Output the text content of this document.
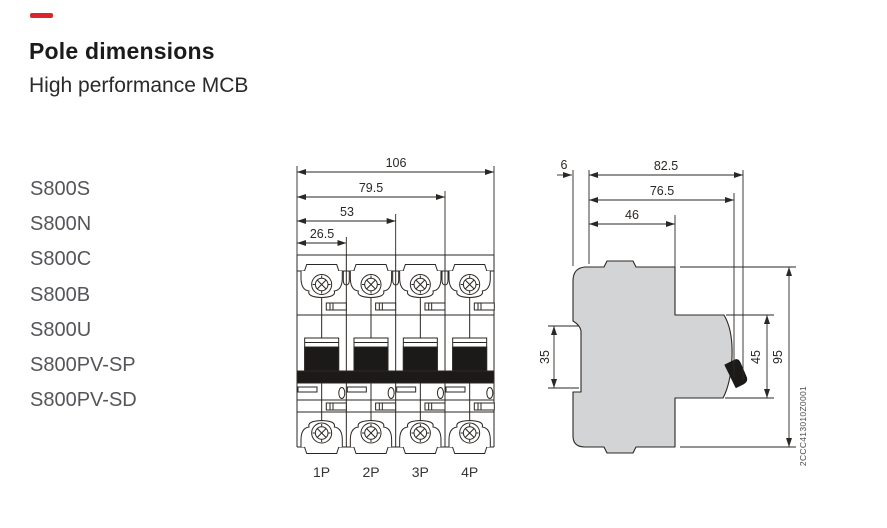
Pole dimensions
High performance MCB
S800S
S800N
S800C
S800B
S800U
S800PV-SP
S800PV-SD
106
79.5
53
26.5
1P 2P 3P 4P
6	82.5
76.5
46
35	45 95
2CCC413010Z0001
